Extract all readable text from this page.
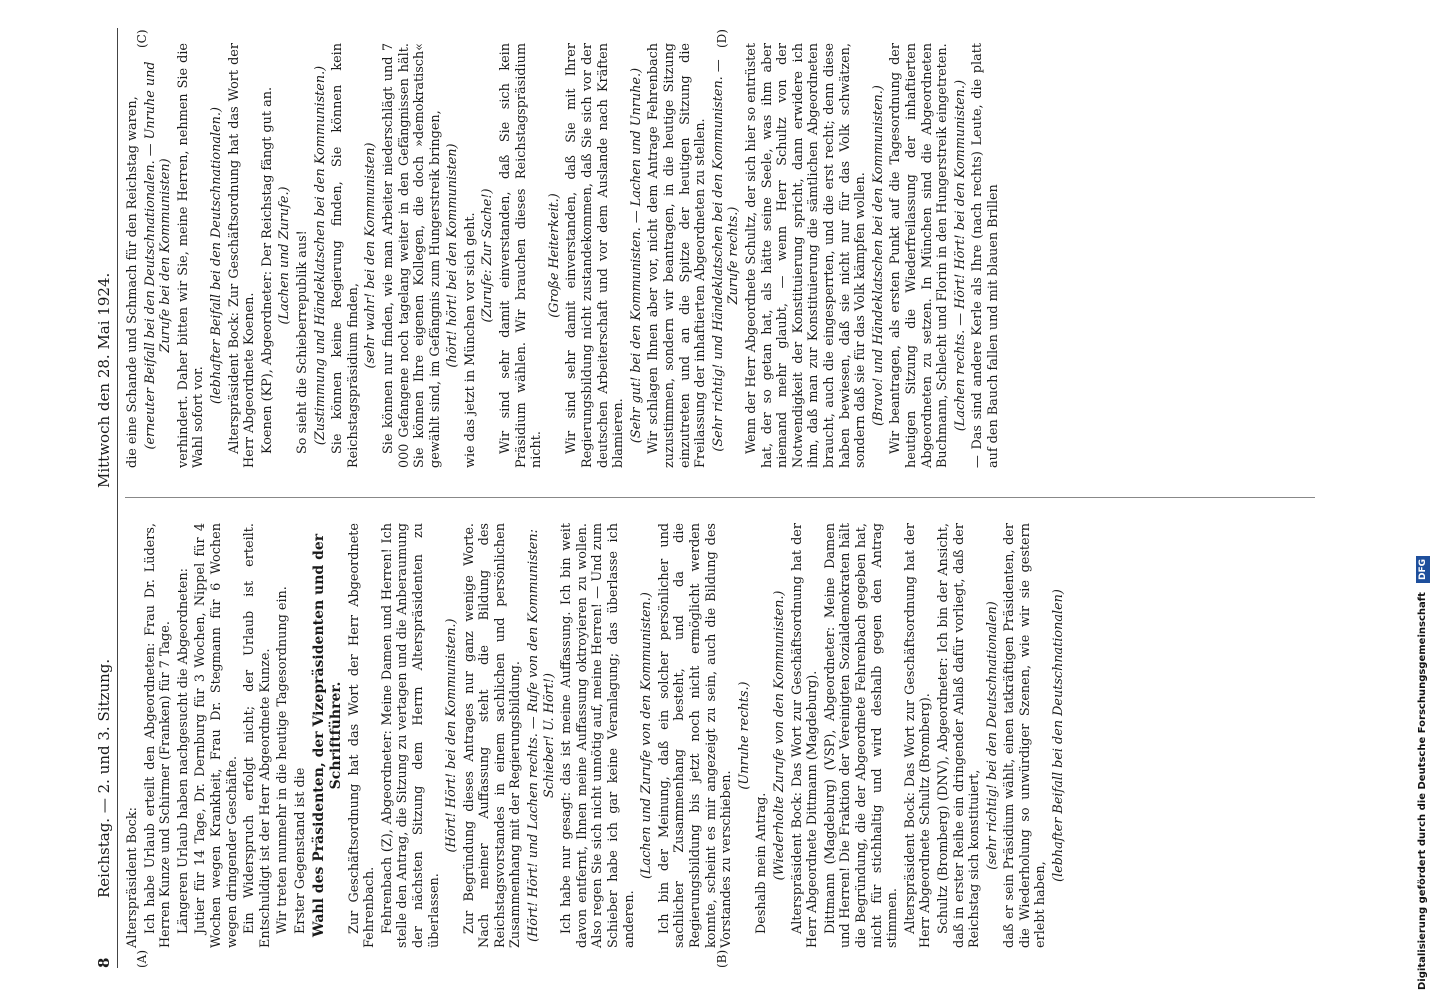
8
Reichstag. — 2. und 3. Sitzung.
Mittwoch den 28. Mai 1924.
(A)	(B)
(C)	(D)

Alterspräsident Bock: Ich habe Urlaub erteilt den Abgeordneten: Frau Dr. Lüders, Herren Kunze und Schirmer (Franken) für 7 Tage. Längeren Urlaub haben nachgesucht die Abgeordneten: Jutier für 14 Tage, Dr. Dernburg für 3 Wochen, Nippel für 4 Wochen wegen Krankheit, Frau Dr. Stegmann für 6 Wochen wegen dringender Geschäfte. Ein Widerspruch erfolgt nicht; der Urlaub ist erteilt. Entschuldigt ist der Herr Abgeordnete Kunze. Wir treten nunmehr in die heutige Tagesordnung ein. Erster Gegenstand ist die Wahl des Präsidenten, der Vizepräsidenten und der Schriftführer. Zur Geschäftsordnung hat das Wort der Herr Abgeordnete Fehrenbach. Fehrenbach (Z), Abgeordneter: Meine Damen und Herren! Ich stelle den Antrag, die Sitzung zu vertagen und die Anberaumung der nächsten Sitzung dem Herrn Alterspräsidenten zu überlassen.

(Hört! Hört! bei den Kommunisten.) Zur Begründung dieses Antrages nur ganz wenige Worte. Nach meiner Auffassung steht die Bildung des Reichstagsvorstandes in einem sachlichen und persönlichen Zusammenhang mit der Regierungsbildung. (Hört! Hört! und Lachen rechts. — Rufe von den Kommunisten: Schieber! U. Hört!) Ich habe nur gesagt: das ist meine Auffassung. Ich bin weit davon entfernt, Ihnen meine Auffassung oktroyieren zu wollen. Also regen Sie sich nicht unnötig auf, meine Herren! — Und zum Schieber habe ich gar keine Veranlagung; das überlasse ich anderen.

(Lachen und Zurufe von den Kommunisten.) Ich bin der Meinung, daß ein solcher persönlicher und sachlicher Zusammenhang besteht, und da die Regierungsbildung bis jetzt noch nicht ermöglicht werden konnte, scheint es mir angezeigt zu sein, auch die Bildung des Vorstandes zu verschieben.

(Unruhe rechts.)

Deshalb mein Antrag. (Wiederholte Zurufe von den Kommunisten.) Alterspräsident Bock: Das Wort zur Geschäftsordnung hat der Herr Abgeordnete Dittmann (Magdeburg). Dittmann (Magdeburg) (VSP), Abgeordneter: Meine Damen und Herren! Die Fraktion der Vereinigten Sozialdemokraten hält die Begründung, die der Abgeordnete Fehrenbach gegeben hat, nicht für stichhaltig und wird deshalb gegen den Antrag stimmen. Alterspräsident Bock: Das Wort zur Geschäftsordnung hat der Herr Abgeordnete Schultz (Bromberg). Schultz (Bromberg) (DNV), Abgeordneter: Ich bin der Ansicht, daß in erster Reihe ein dringender Anlaß dafür vorliegt, daß der Reichstag sich konstituiert, (sehr richtig! bei den Deutschnationalen) daß er sein Präsidium wählt, einen tatkräftigen Präsidenten, der die Wiederholung so unwürdiger Szenen, wie wir sie gestern erlebt haben,

(lebhafter Beifall bei den Deutschnationalen)

die eine Schande und Schmach für den Reichstag waren, (erneuter Beifall bei den Deutschnationalen. — Unruhe und Zurufe bei den Kommunisten) verhindert. Daher bitten wir Sie, meine Herren, nehmen Sie die Wahl sofort vor.

(lebhafter Beifall bei den Deutschnationalen.) Alterspräsident Bock: Zur Geschäftsordnung hat das Wort der Herr Abgeordnete Koenen. Koenen (KP), Abgeordneter: Der Reichstag fängt gut an. (Lachen und Zurufe.) So sieht die Schieberrepublik aus! (Zustimmung und Händeklatschen bei den Kommunisten.) Sie können keine Regierung finden, Sie können kein Reichstagspräsidium finden,

(sehr wahr! bei den Kommunisten) Sie können nur finden, wie man Arbeiter niederschlägt und 7 000 Gefangene noch tagelang weiter in den Gefängnissen hält. Sie können Ihre eigenen Kollegen, die doch »demokratisch« gewählt sind, im Gefängnis zum Hungerstreik bringen, (hört! hört! bei den Kommunisten) wie das jetzt in München vor sich geht. (Zurufe: Zur Sache!) Wir sind sehr damit einverstanden, daß Sie sich kein Präsidium wählen. Wir brauchen dieses Reichstagspräsidium nicht.

(Große Heiterkeit.) Wir sind sehr damit einverstanden, daß Sie mit Ihrer Regierungsbildung nicht zustandekommen, daß Sie sich vor der deutschen Arbeiterschaft und vor dem Auslande nach Kräften blamieren. (Sehr gut! bei den Kommunisten. — Lachen und Unruhe.) Wir schlagen Ihnen aber vor, nicht dem Antrage Fehrenbach zuzustimmen, sondern wir beantragen, in die heutige Sitzung einzutreten und an die Spitze der heutigen Sitzung die Freilassung der inhaftierten Abgeordneten zu stellen. (Sehr richtig! und Händeklatschen bei den Kommunisten. — Zurufe rechts.) Wenn der Herr Abgeordnete Schultz, der sich hier so entrüstet hat, der so getan hat, als hätte seine Seele, was ihm aber niemand mehr glaubt, — wenn Herr Schultz von der Notwendigkeit der Konstituierung spricht, dann erwidere ich ihm, daß man zur Konstituierung die sämtlichen Abgeordneten braucht, auch die eingesperrten, und die erst recht; denn diese haben bewiesen, daß sie nicht nur für das Volk schwätzen, sondern daß sie für das Volk kämpfen wollen. (Bravo! und Händeklatschen bei den Kommunisten.) Wir beantragen, als ersten Punkt auf die Tagesordnung der heutigen Sitzung die Wiederfreilassung der inhaftierten Abgeordneten zu setzen. In München sind die Abgeordneten Buchmann, Schlecht und Florin in den Hungerstreik eingetreten. (Lachen rechts. — Hört! Hört! bei den Kommunisten.) — Das sind andere Kerle als Ihre (nach rechts) Leute, die platt auf den Bauch fallen und mit blauen Brillen

Digitalisierung gefördert durch die Deutsche Forschungsgemeinschaft DFG
